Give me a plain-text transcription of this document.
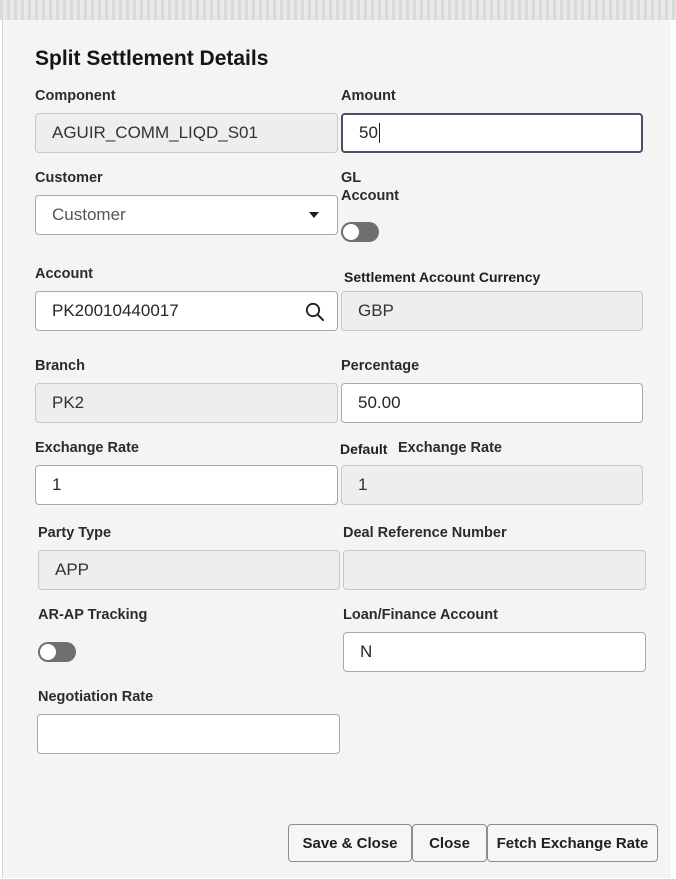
Split Settlement Details
Component
AGUIR_COMM_LIQD_S01
Amount
50
Customer
Customer
GL
Account
Account
PK20010440017
Settlement Account Currency
GBP
Branch
PK2
Percentage
50.00
Exchange Rate
1
Default Exchange Rate
1
Party Type
APP
Deal Reference Number
AR-AP Tracking	Loan/Finance Account
N
Negotiation Rate
Save & Close Close Fetch Exchange Rate
